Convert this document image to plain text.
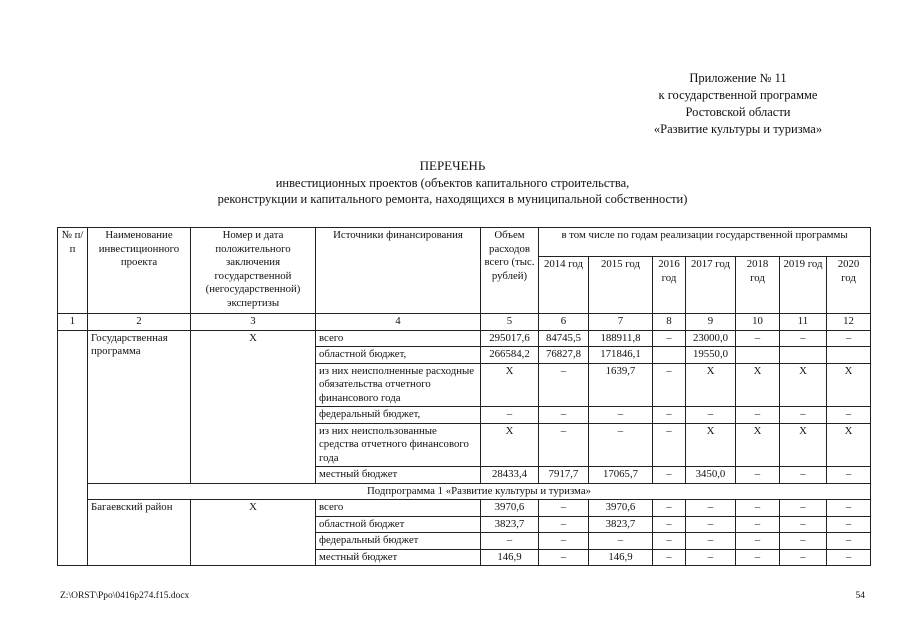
Приложение № 11
к государственной программе
Ростовской области
«Развитие культуры и туризма»
ПЕРЕЧЕНЬ
инвестиционных проектов (объектов капитального строительства,
реконструкции и капитального ремонта, находящихся в муниципальной собственности)
№ п/п	Наименование инвестиционного проекта	Номер и дата положительного заключения государственной (негосударственной) экспертизы	Источники финансирования	Объем расходов всего (тыс. рублей)	в том числе по годам реализации государственной программы						
					2014 год	2015 год	2016 год	2017 год	2018 год	2019 год	2020 год
1	2	3	4	5	6	7	8	9	10	11	12
	Государственная программа	Х	всего	295017,6	84745,5	188911,8	–	23000,0	–	–	–
			областной бюджет,	266584,2	76827,8	171846,1		19550,0			
			из них неисполненные расходные обязательства отчетного финансового года	Х	–	1639,7	–	Х	Х	Х	Х
			федеральный бюджет,	–	–	–	–	–	–	–	–
			из них неиспользованные средства отчетного финансового года	Х	–	–	–	Х	Х	Х	Х
			местный бюджет	28433,4	7917,7	17065,7	–	3450,0	–	–	–
	Подпрограмма 1 «Развитие культуры и туризма»										
	Багаевский район	Х	всего	3970,6	–	3970,6	–	–	–	–	–
			областной бюджет	3823,7	–	3823,7	–	–	–	–	–
			федеральный бюджет	–	–	–	–	–	–	–	–
			местный бюджет	146,9	–	146,9	–	–	–	–	–
Z:\ORST\Ppo\0416p274.f15.docx	54
